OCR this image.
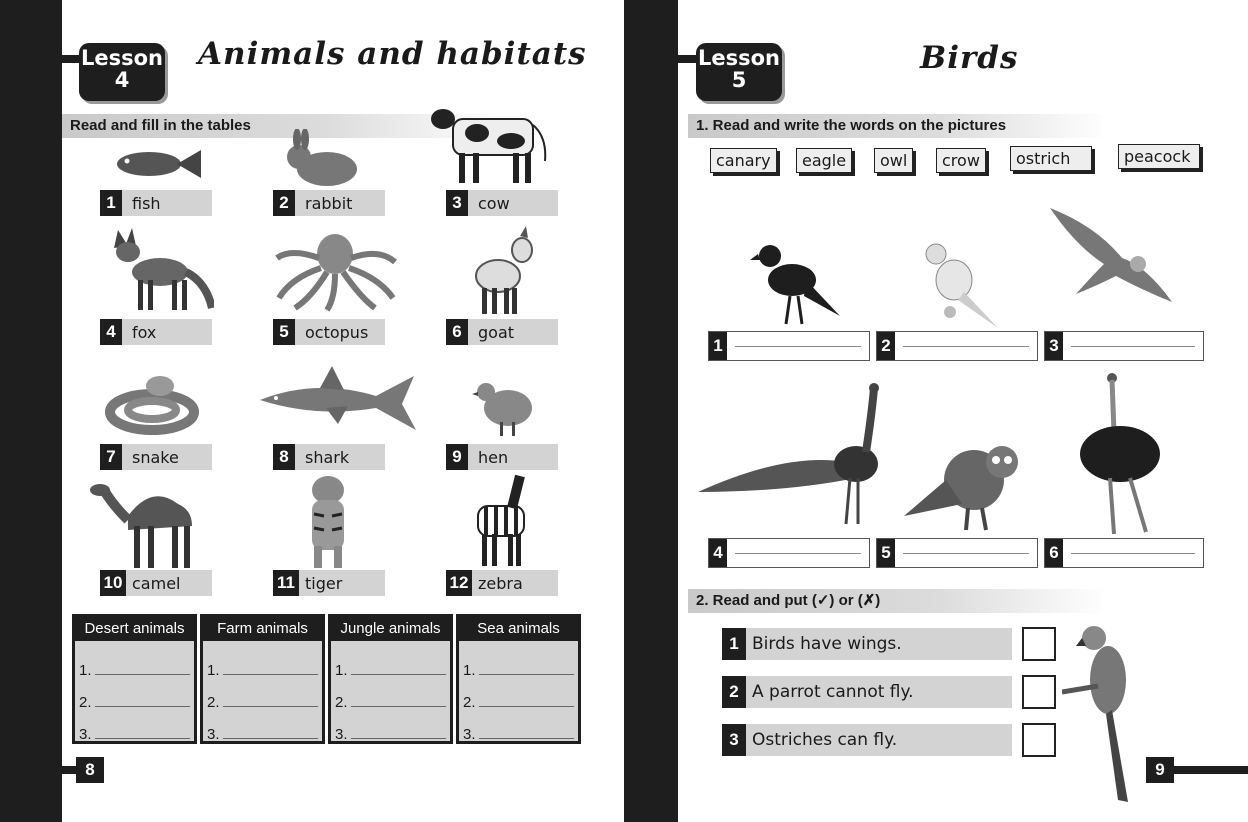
Lesson
4
Animals and habitats
Read and fill in the tables
1	fish	2	rabbit	3	cow
4	fox	5	octopus	6	goat
7	snake	8	shark	9	hen
10 camel	11 tiger	12 zebra
Desert animals
1.
2.
3.
Farm animals
1.
2.
3.
Jungle animals
1.
2.
3.
Sea animals
1.
2.
3.
8
Lesson
5
Birds
1. Read and write the words on the pictures
canary	eagle	owl	crow	ostrich	peacock
1	2	3
4	5	6
2. Read and put (✓) or (✗)
1 Birds have wings.
2 A parrot cannot fly.
3 Ostriches can fly.
9
